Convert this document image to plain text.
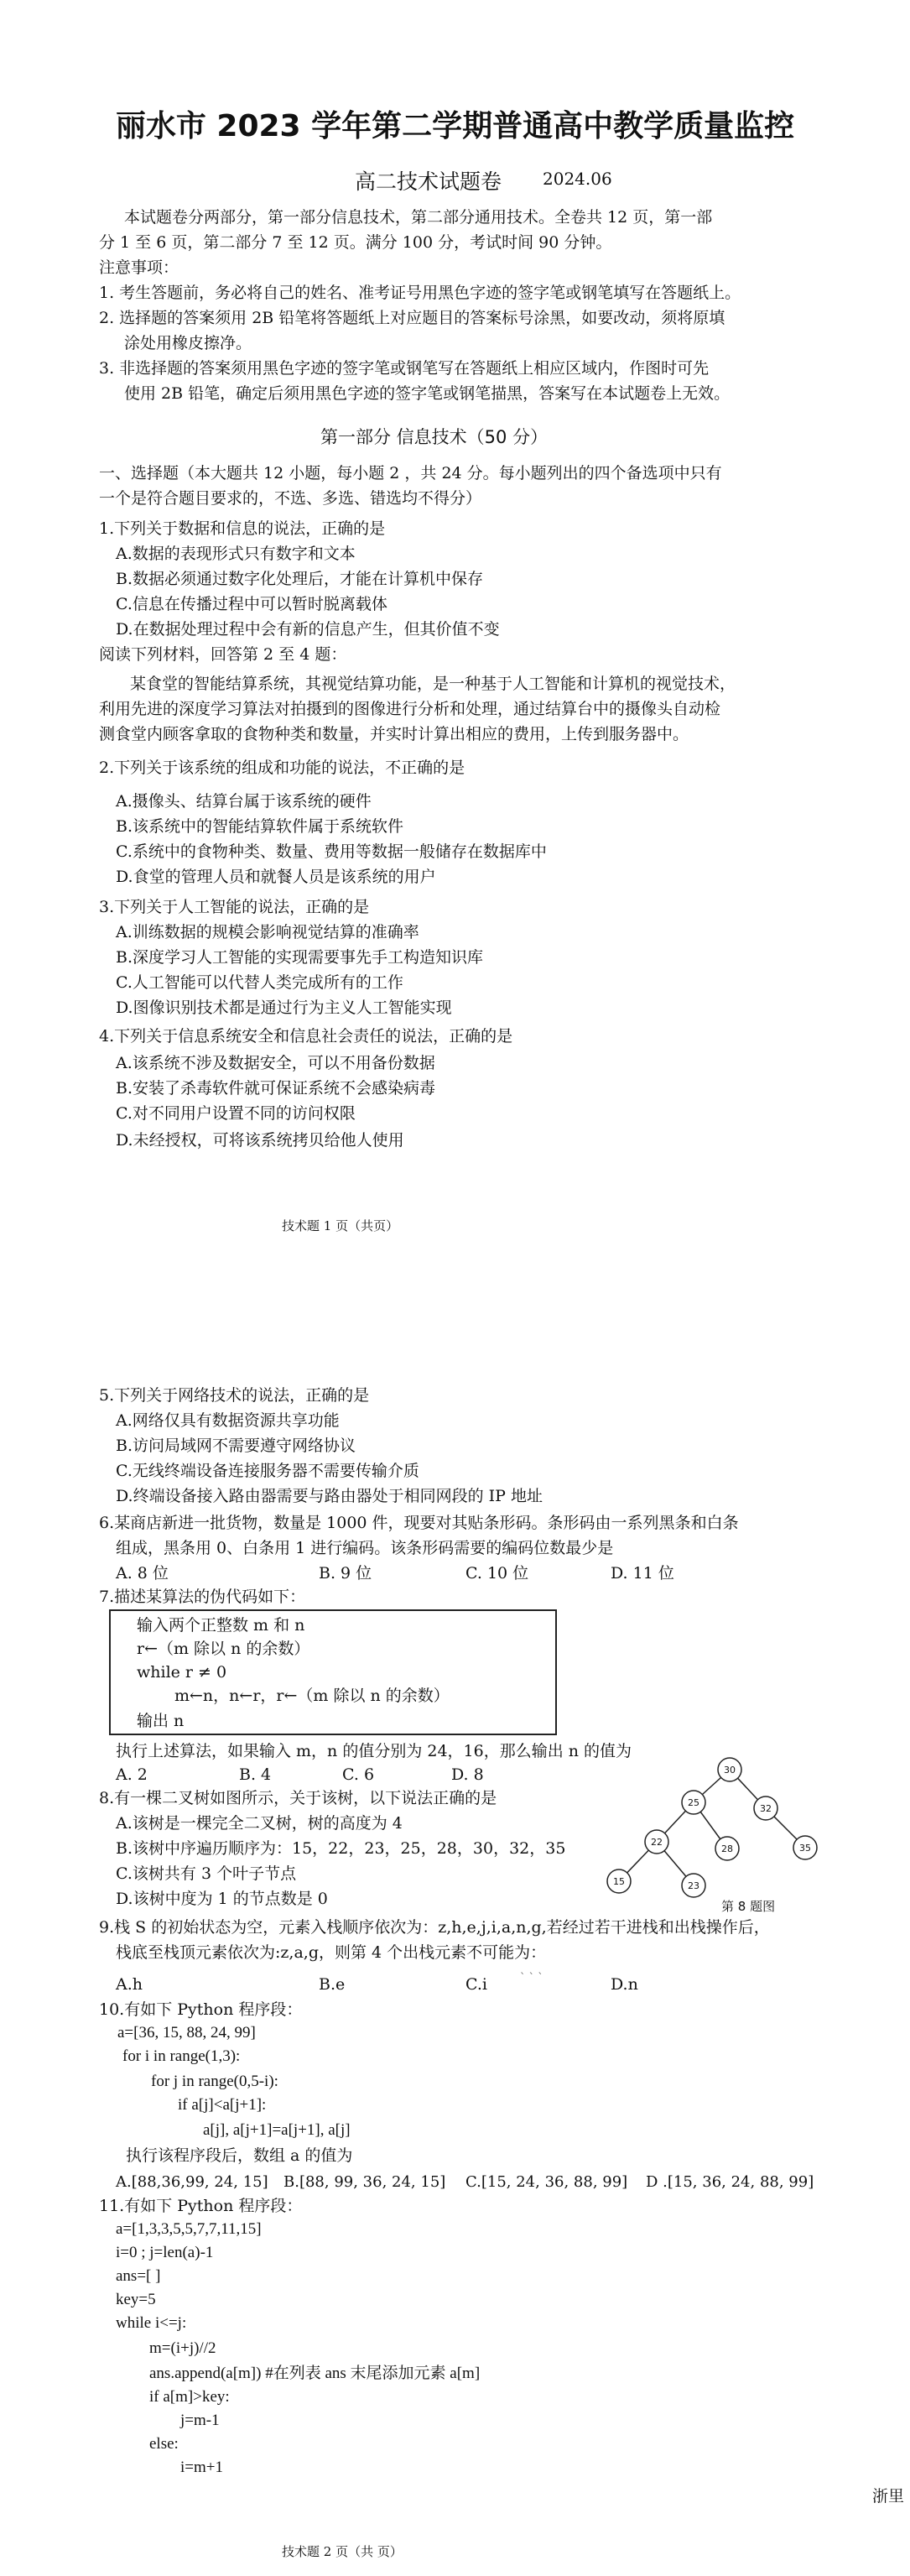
丽水市 2023 学年第二学期普通高中教学质量监控
高二技术试题卷 2024.06
本试题卷分两部分，第一部分信息技术，第二部分通用技术。全卷共 12 页，第一部
分 1 至 6 页，第二部分 7 至 12 页。满分 100 分，考试时间 90 分钟。
注意事项：
1. 考生答题前，务必将自己的姓名、准考证号用黑色字迹的签字笔或钢笔填写在答题纸上。
2. 选择题的答案须用 2B 铅笔将答题纸上对应题目的答案标号涂黑，如要改动，须将原填
涂处用橡皮擦净。
3. 非选择题的答案须用黑色字迹的签字笔或钢笔写在答题纸上相应区域内，作图时可先
使用 2B 铅笔，确定后须用黑色字迹的签字笔或钢笔描黑，答案写在本试题卷上无效。
第一部分 信息技术（50 分）
一、选择题（本大题共 12 小题，每小题 2 ，共 24 分。每小题列出的四个备选项中只有
一个是符合题目要求的，不选、多选、错选均不得分）
1.下列关于数据和信息的说法，正确的是
A.数据的表现形式只有数字和文本
B.数据必须通过数字化处理后，才能在计算机中保存
C.信息在传播过程中可以暂时脱离载体
D.在数据处理过程中会有新的信息产生，但其价值不变
阅读下列材料，回答第 2 至 4 题：
某食堂的智能结算系统，其视觉结算功能，是一种基于人工智能和计算机的视觉技术，
利用先进的深度学习算法对拍摄到的图像进行分析和处理，通过结算台中的摄像头自动检
测食堂内顾客拿取的食物种类和数量，并实时计算出相应的费用，上传到服务器中。
2.下列关于该系统的组成和功能的说法，不正确的是
A.摄像头、结算台属于该系统的硬件
B.该系统中的智能结算软件属于系统软件
C.系统中的食物种类、数量、费用等数据一般储存在数据库中
D.食堂的管理人员和就餐人员是该系统的用户
3.下列关于人工智能的说法，正确的是
A.训练数据的规模会影响视觉结算的准确率
B.深度学习人工智能的实现需要事先手工构造知识库
C.人工智能可以代替人类完成所有的工作
D.图像识别技术都是通过行为主义人工智能实现
4.下列关于信息系统安全和信息社会责任的说法，正确的是
A.该系统不涉及数据安全，可以不用备份数据
B.安装了杀毒软件就可保证系统不会感染病毒
C.对不同用户设置不同的访问权限
D.未经授权，可将该系统拷贝给他人使用
技术题 1 页（共页）
5.下列关于网络技术的说法，正确的是
A.网络仅具有数据资源共享功能
B.访问局域网不需要遵守网络协议
C.无线终端设备连接服务器不需要传输介质
D.终端设备接入路由器需要与路由器处于相同网段的 IP 地址
6.某商店新进一批货物，数量是 1000 件，现要对其贴条形码。条形码由一系列黑条和白条
组成，黑条用 0、白条用 1 进行编码。该条形码需要的编码位数最少是
A. 8 位	B. 9 位	C. 10 位	D. 11 位
7.描述某算法的伪代码如下：
输入两个正整数 m 和 n
r←（m 除以 n 的余数）
while r ≠ 0
m←n，n←r，r←（m 除以 n 的余数）
输出 n
执行上述算法，如果输入 m，n 的值分别为 24，16，那么输出 n 的值为
A. 2	B. 4	C. 6	D. 8
8.有一棵二叉树如图所示，关于该树，以下说法正确的是
A.该树是一棵完全二叉树，树的高度为 4
B.该树中序遍历顺序为：15，22，23，25，28，30，32，35
C.该树共有 3 个叶子节点
D.该树中度为 1 的节点数是 0
30
25
32
22
28	35
15	23
第 8 题图
9.栈 S 的初始状态为空，元素入栈顺序依次为：z,h,e,j,i,a,n,g,若经过若干进栈和出栈操作后，
栈底至栈顶元素依次为:z,a,g，则第 4 个出栈元素不可能为：
A.h	B.e	C.i	` ` `	D.n
10.有如下 Python 程序段：
a=[36, 15, 88, 24, 99]
for i in range(1,3):
for j in range(0,5-i):
if a[j]<a[j+1]:
a[j], a[j+1]=a[j+1], a[j]
执行该程序段后，数组 a 的值为
A.[88,36,99, 24, 15] B.[88, 99, 36, 24, 15] C.[15, 24, 36, 88, 99] D .[15, 36, 24, 88, 99]
11.有如下 Python 程序段：
a=[1,3,3,5,5,7,7,11,15]
i=0 ; j=len(a)-1
ans=[ ]
key=5
while i<=j:
m=(i+j)//2
ans.append(a[m]) #在列表 ans 末尾添加元素 a[m]
if a[m]>key:
j=m-1
else:
i=m+1
浙里
技术题 2 页（共 页）
